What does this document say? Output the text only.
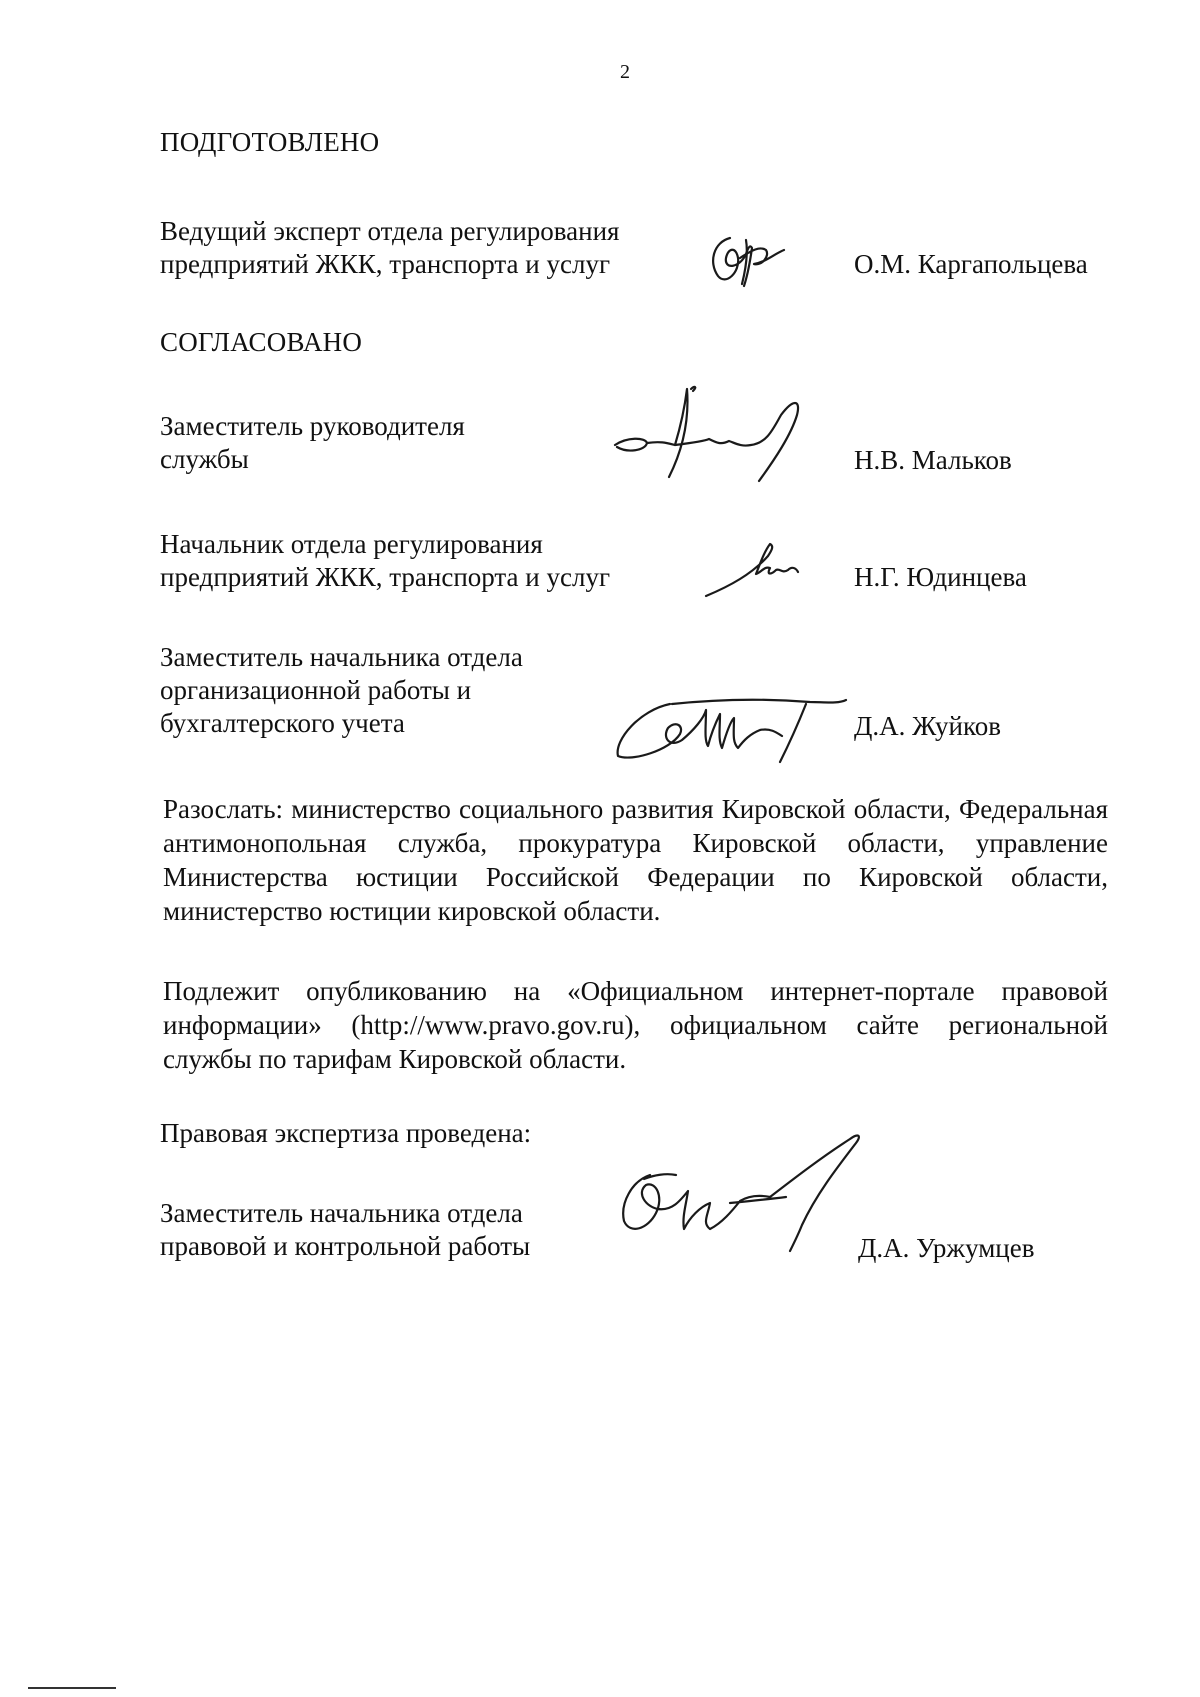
2
ПОДГОТОВЛЕНО
Ведущий эксперт отдела регулирования
предприятий ЖКК, транспорта и услуг	О.М. Каргапольцева
СОГЛАСОВАНО
Заместитель руководителя
службы	Н.В. Мальков
Начальник отдела регулирования
предприятий ЖКК, транспорта и услуг	Н.Г. Юдинцева
Заместитель начальника отдела
организационной работы и
бухгалтерского учета	Д.А. Жуйков
Разослать: министерство социального развития Кировской области, Федеральная антимонопольная служба, прокуратура Кировской области, управление Министерства юстиции Российской Федерации по Кировской области, министерство юстиции кировской области.
Подлежит опубликованию на «Официальном интернет-портале правовой информации» (http://www.pravo.gov.ru), официальном сайте региональной службы по тарифам Кировской области.
Правовая экспертиза проведена:
Заместитель начальника отдела
правовой и контрольной работы	Д.А. Уржумцев
